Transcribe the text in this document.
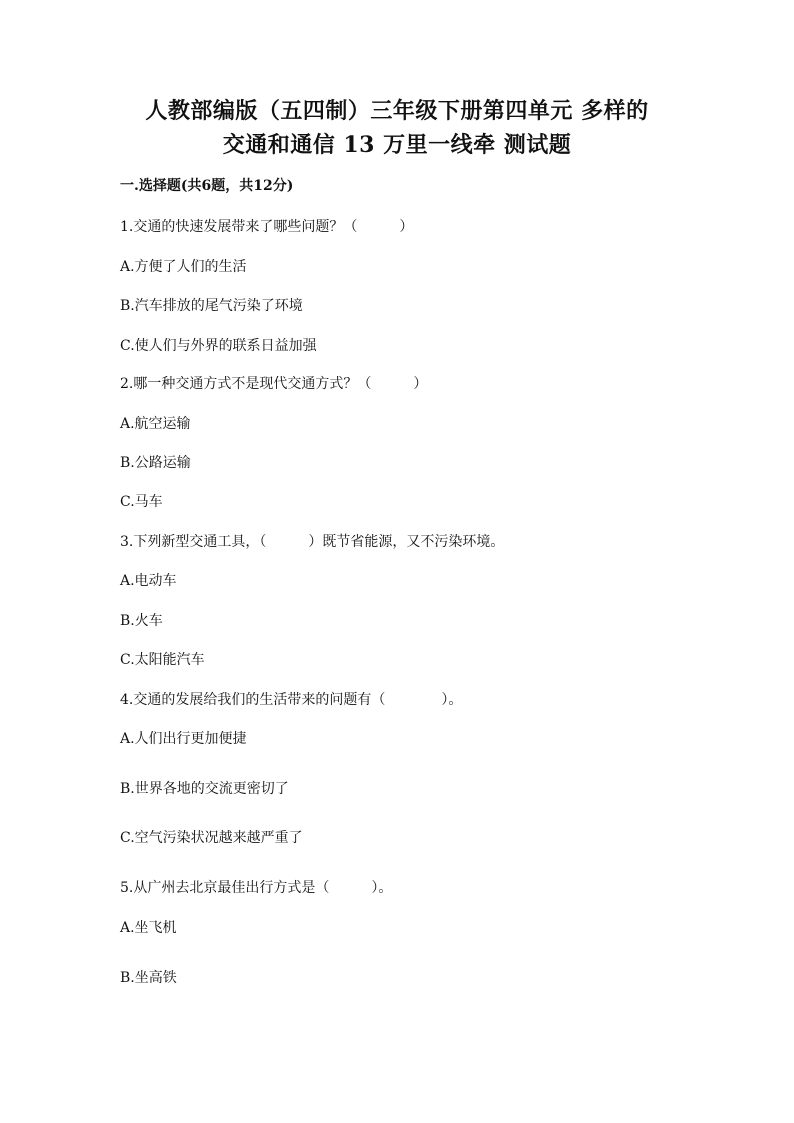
人教部编版（五四制）三年级下册第四单元 多样的
交通和通信 13 万里一线牵 测试题
一.选择题(共6题，共12分)
1.交通的快速发展带来了哪些问题？（　　　）
A.方便了人们的生活
B.汽车排放的尾气污染了环境
C.使人们与外界的联系日益加强
2.哪一种交通方式不是现代交通方式？（　　　）
A.航空运输
B.公路运输
C.马车
3.下列新型交通工具，（　　　）既节省能源，又不污染环境。
A.电动车
B.火车
C.太阳能汽车
4.交通的发展给我们的生活带来的问题有（　　　　）。
A.人们出行更加便捷
B.世界各地的交流更密切了
C.空气污染状况越来越严重了
5.从广州去北京最佳出行方式是（　　　）。
A.坐飞机
B.坐高铁
